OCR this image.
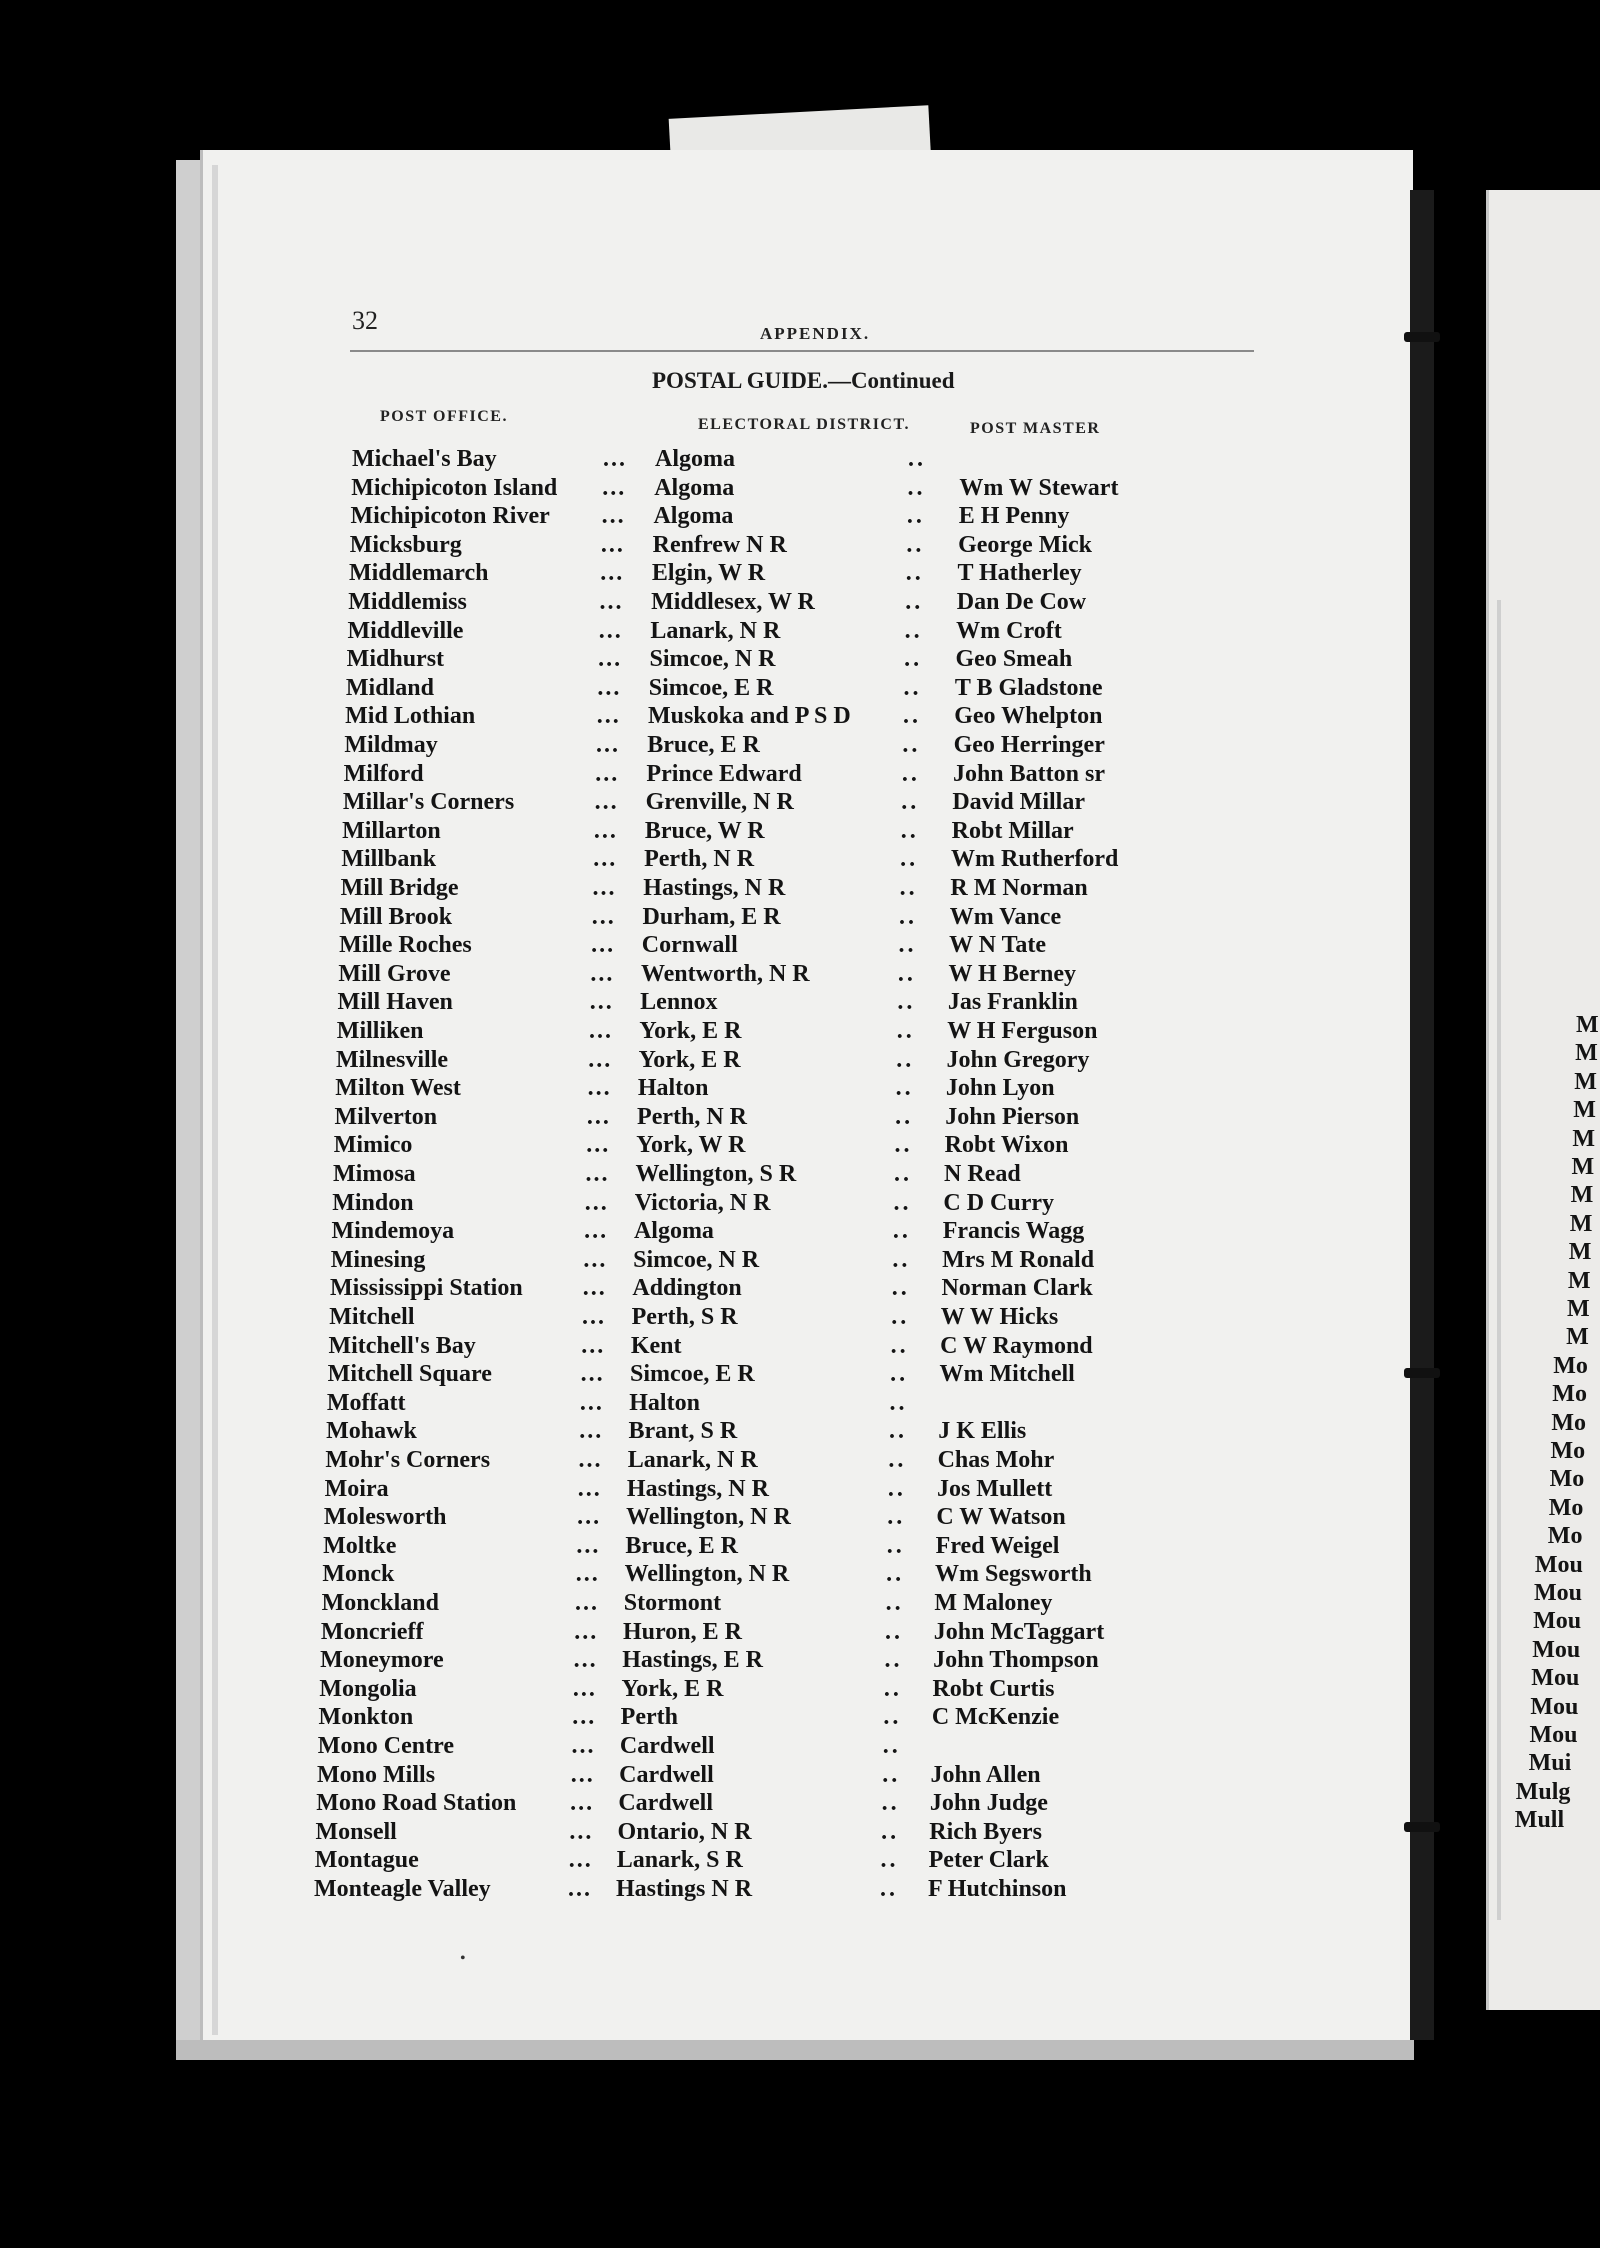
32	APPENDIX.
POSTAL GUIDE.—Continued
POST OFFICE.	ELECTORAL DISTRICT.	POST MASTER
Michael's Bay	... Algoma	..
Michipicoton Island ... Algoma	.. Wm W Stewart
Michipicoton River ... Algoma	.. E H Penny
Micksburg	... Renfrew N R	.. George Mick
Middlemarch	... Elgin, W R	.. T Hatherley
Middlemiss	... Middlesex, W R	.. Dan De Cow
Middleville	... Lanark, N R	.. Wm Croft
Midhurst	... Simcoe, N R	.. Geo Smeah
Midland	... Simcoe, E R	.. T B Gladstone
Mid Lothian	... Muskoka and P S D .. Geo Whelpton
Mildmay	... Bruce, E R	.. Geo Herringer
Milford	... Prince Edward	.. John Batton sr
Millar's Corners	... Grenville, N R	.. David Millar
Millarton	... Bruce, W R	.. Robt Millar
Millbank	... Perth, N R	.. Wm Rutherford
Mill Bridge	... Hastings, N R	.. R M Norman
Mill Brook	... Durham, E R	.. Wm Vance
Mille Roches	... Cornwall	.. W N Tate
Mill Grove	... Wentworth, N R	.. W H Berney
Mill Haven	... Lennox	.. Jas Franklin
Milliken	... York, E R	.. W H Ferguson
Milnesville	... York, E R	.. John Gregory
Milton West	... Halton	.. John Lyon
Milverton	... Perth, N R	.. John Pierson
Mimico	... York, W R	.. Robt Wixon
Mimosa	... Wellington, S R	.. N Read
Mindon	... Victoria, N R	.. C D Curry
Mindemoya	... Algoma	.. Francis Wagg
Minesing	... Simcoe, N R	.. Mrs M Ronald
Mississippi Station	... Addington	.. Norman Clark
Mitchell	... Perth, S R	.. W W Hicks
Mitchell's Bay	... Kent	.. C W Raymond
Mitchell Square	... Simcoe, E R	.. Wm Mitchell
Moffatt	... Halton	..
Mohawk	... Brant, S R	.. J K Ellis
Mohr's Corners	... Lanark, N R	.. Chas Mohr
Moira	... Hastings, N R	.. Jos Mullett
Molesworth	... Wellington, N R	.. C W Watson
Moltke	... Bruce, E R	.. Fred Weigel
Monck	... Wellington, N R	.. Wm Segsworth
Monckland	... Stormont	.. M Maloney
Moncrieff	... Huron, E R	.. John McTaggart
Moneymore	... Hastings, E R	.. John Thompson
Mongolia	... York, E R	.. Robt Curtis
Monkton	... Perth	.. C McKenzie
Mono Centre	... Cardwell	..
Mono Mills	... Cardwell	.. John Allen
Mono Road Station ... Cardwell	.. John Judge
Monsell	... Ontario, N R	.. Rich Byers
Montague	... Lanark, S R	.. Peter Clark
Monteagle Valley	... Hastings N R	.. F Hutchinson
M
M
M
M
M
M
M
M
M
M
M
M
Mo
Mo
Mo
Mo
Mo
Mo
Mo
Mou
Mou
Mou
Mou
Mou
Mou
Mou
Mui
Mulg
Mull
•
